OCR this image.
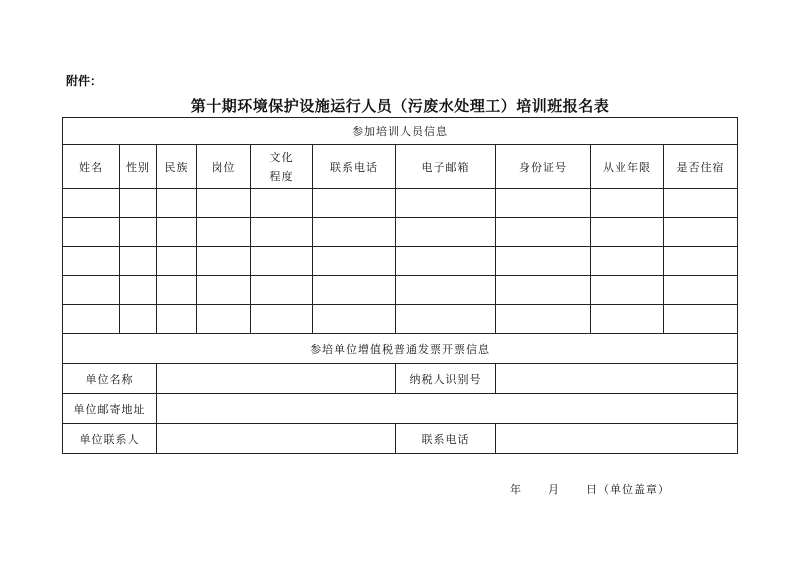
附件：
第十期环境保护设施运行人员（污废水处理工）培训班报名表
参加培训人员信息									
姓名	性别	民族	岗位	文化程度	联系电话	电子邮箱	身份证号	从业年限	是否住宿

参培单位增值税普通发票开票信息									
单位名称						纳税人识别号			
单位邮寄地址									
单位联系人						联系电话			
年 月 日（单位盖章）
